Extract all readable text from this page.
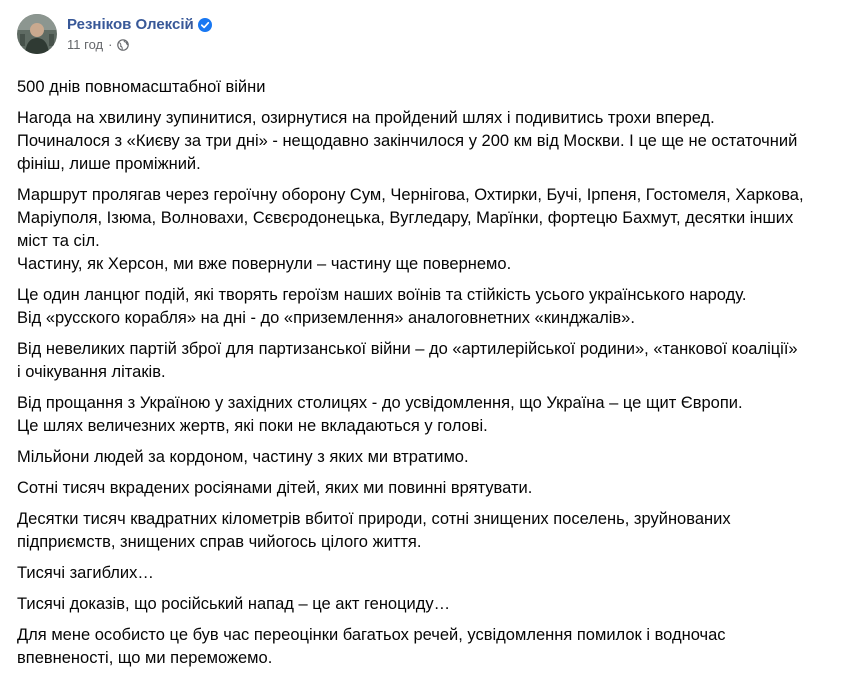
Резніков Олексій
11 год ·
500 днів повномасштабної війни
Нагода на хвилину зупинитися, озирнутися на пройдений шлях і подивитись трохи вперед.
Починалося з «Києву за три дні» - нещодавно закінчилося у 200 км від Москви. І це ще не остаточний
фініш, лише проміжний.
Маршрут пролягав через героїчну оборону Сум, Чернігова, Охтирки, Бучі, Ірпеня, Гостомеля, Харкова,
Маріуполя, Ізюма, Волновахи, Сєвєродонецька, Вугледару, Марїнки, фортецю Бахмут, десятки інших
міст та сіл.
Частину, як Херсон, ми вже повернули – частину ще повернемо.
Це один ланцюг подій, які творять героїзм наших воїнів та стійкість усього українського народу.
Від «русского корабля» на дні - до «приземлення» аналоговнетних «кинджалів».
Від невеликих партій зброї для партизанської війни – до «артилерійської родини», «танкової коаліції»
і очікування літаків.
Від прощання з Україною у західних столицях - до усвідомлення, що Україна – це щит Європи.
Це шлях величезних жертв, які поки не вкладаються у голові.
Мільйони людей за кордоном, частину з яких ми втратимо.
Сотні тисяч вкрадених росіянами дітей, яких ми повинні врятувати.
Десятки тисяч квадратних кілометрів вбитої природи, сотні знищених поселень, зруйнованих
підприємств, знищених справ чийогось цілого життя.
Тисячі загиблих…
Тисячі доказів, що російський напад – це акт геноциду…
Для мене особисто це був час переоцінки багатьох речей, усвідомлення помилок і водночас
впевненості, що ми переможемо.
